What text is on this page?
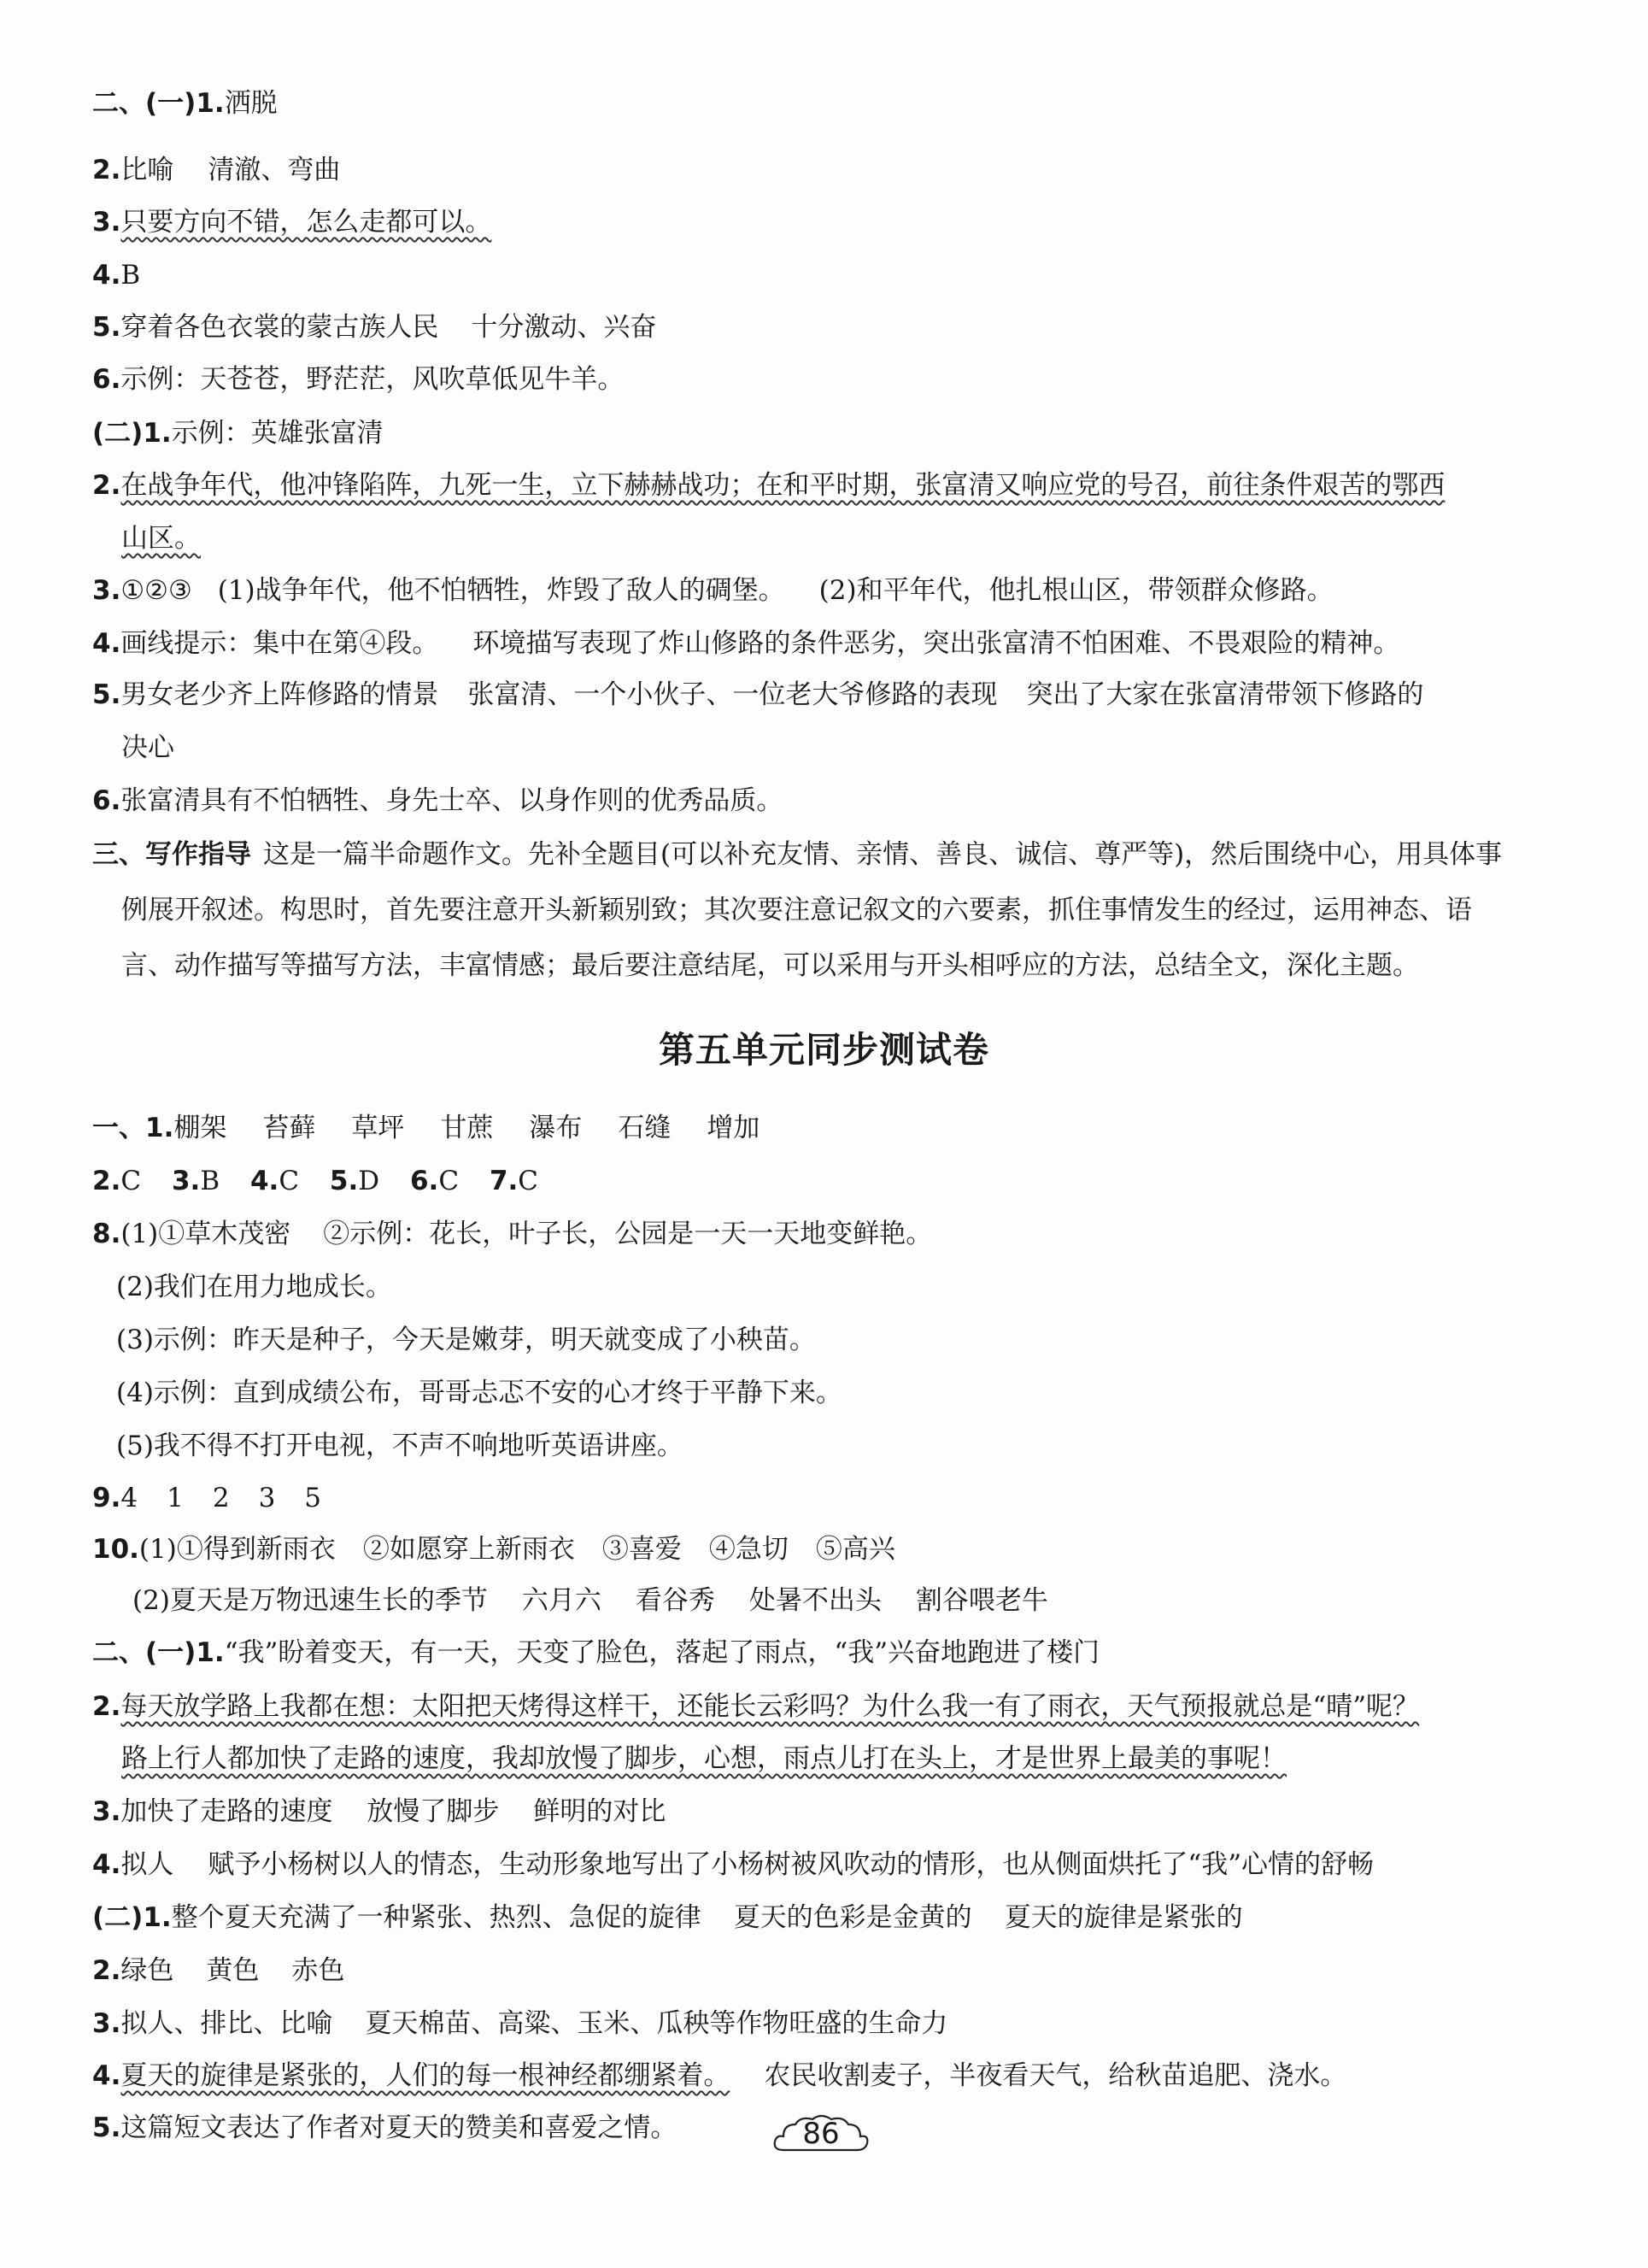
二、(一)1.洒脱
2.比喻 清澈、弯曲
3.只要方向不错，怎么走都可以。
4.B
5.穿着各色衣裳的蒙古族人民 十分激动、兴奋
6.示例：天苍苍，野茫茫，风吹草低见牛羊。
(二)1.示例：英雄张富清
2.在战争年代，他冲锋陷阵，九死一生，立下赫赫战功；在和平时期，张富清又响应党的号召，前往条件艰苦的鄂西
山区。
3.①②③ (1)战争年代，他不怕牺牲，炸毁了敌人的碉堡。 (2)和平年代，他扎根山区，带领群众修路。
4.画线提示：集中在第④段。 环境描写表现了炸山修路的条件恶劣，突出张富清不怕困难、不畏艰险的精神。
5.男女老少齐上阵修路的情景 张富清、一个小伙子、一位老大爷修路的表现 突出了大家在张富清带领下修路的
决心
6.张富清具有不怕牺牲、身先士卒、以身作则的优秀品质。
三、写作指导 这是一篇半命题作文。先补全题目(可以补充友情、亲情、善良、诚信、尊严等)，然后围绕中心，用具体事
例展开叙述。构思时，首先要注意开头新颖别致；其次要注意记叙文的六要素，抓住事情发生的经过，运用神态、语
言、动作描写等描写方法，丰富情感；最后要注意结尾，可以采用与开头相呼应的方法，总结全文，深化主题。
第五单元同步测试卷
一、1.棚架 苔藓 草坪 甘蔗 瀑布 石缝 增加
2.C 3.B 4.C 5.D 6.C 7.C
8.(1)①草木茂密 ②示例：花长，叶子长，公园是一天一天地变鲜艳。
(2)我们在用力地成长。
(3)示例：昨天是种子，今天是嫩芽，明天就变成了小秧苗。
(4)示例：直到成绩公布，哥哥忐忑不安的心才终于平静下来。
(5)我不得不打开电视，不声不响地听英语讲座。
9.4 1 2 3 5
10.(1)①得到新雨衣 ②如愿穿上新雨衣 ③喜爱 ④急切 ⑤高兴
(2)夏天是万物迅速生长的季节 六月六 看谷秀 处暑不出头 割谷喂老牛
二、(一)1.“我”盼着变天，有一天，天变了脸色，落起了雨点，“我”兴奋地跑进了楼门
2.每天放学路上我都在想：太阳把天烤得这样干，还能长云彩吗？为什么我一有了雨衣，天气预报就总是“晴”呢？
路上行人都加快了走路的速度，我却放慢了脚步，心想，雨点儿打在头上，才是世界上最美的事呢！
3.加快了走路的速度 放慢了脚步 鲜明的对比
4.拟人 赋予小杨树以人的情态，生动形象地写出了小杨树被风吹动的情形，也从侧面烘托了“我”心情的舒畅
(二)1.整个夏天充满了一种紧张、热烈、急促的旋律 夏天的色彩是金黄的 夏天的旋律是紧张的
2.绿色 黄色 赤色
3.拟人、排比、比喻 夏天棉苗、高粱、玉米、瓜秧等作物旺盛的生命力
4.夏天的旋律是紧张的，人们的每一根神经都绷紧着。 农民收割麦子，半夜看天气，给秋苗追肥、浇水。
5.这篇短文表达了作者对夏天的赞美和喜爱之情。	86
